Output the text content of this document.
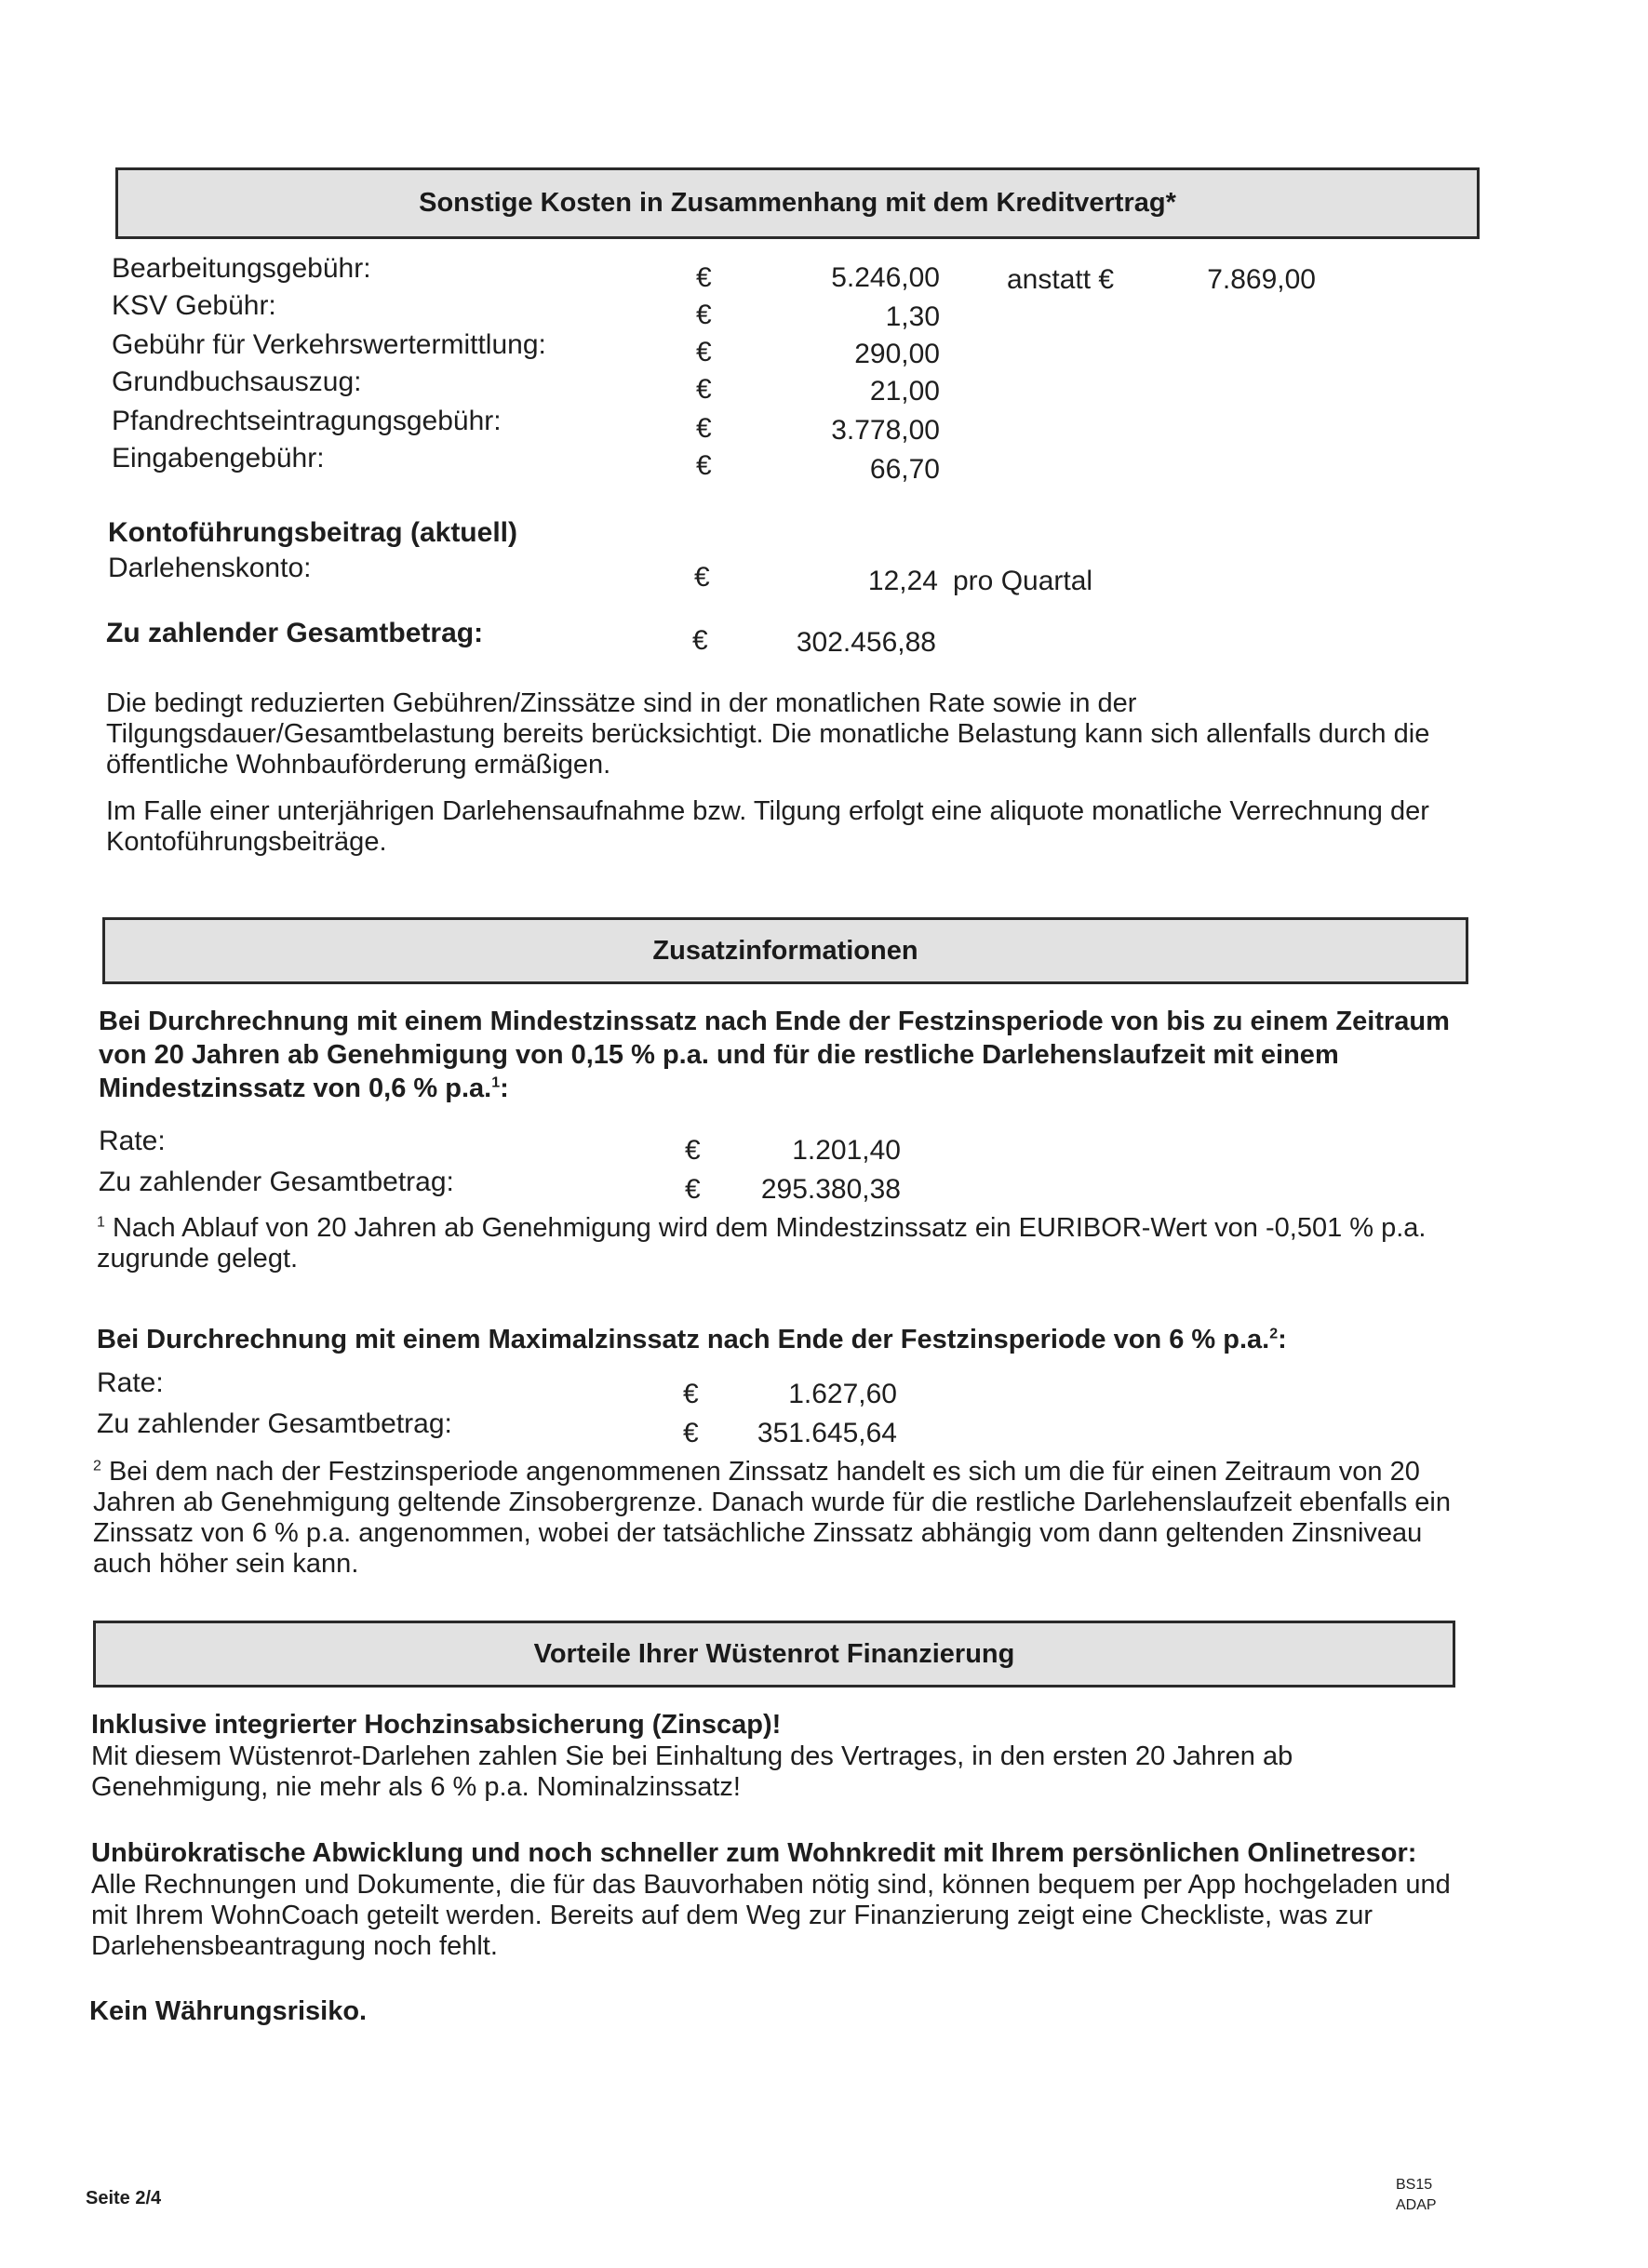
Sonstige Kosten in Zusammenhang mit dem Kreditvertrag*
Bearbeitungsgebühr:	€	5.246,00 anstatt €	7.869,00
KSV Gebühr:	€	1,30
Gebühr für Verkehrswertermittlung:	€	290,00
Grundbuchsauszug:	€	21,00
Pfandrechtseintragungsgebühr:	€	3.778,00
Eingabengebühr:	€	66,70
Kontoführungsbeitrag (aktuell)
Darlehenskonto:	€	12,24 pro Quartal
Zu zahlender Gesamtbetrag:	€	302.456,88
Die bedingt reduzierten Gebühren/Zinssätze sind in der monatlichen Rate sowie in der Tilgungsdauer/Gesamtbelastung bereits berücksichtigt. Die monatliche Belastung kann sich allenfalls durch die öffentliche Wohnbauförderung ermäßigen.
Im Falle einer unterjährigen Darlehensaufnahme bzw. Tilgung erfolgt eine aliquote monatliche Verrechnung der Kontoführungsbeiträge.
Zusatzinformationen
Bei Durchrechnung mit einem Mindestzinssatz nach Ende der Festzinsperiode von bis zu einem Zeitraum von 20 Jahren ab Genehmigung von 0,15 % p.a. und für die restliche Darlehenslaufzeit mit einem Mindestzinssatz von 0,6 % p.a.$^1$:
Rate:	€	1.201,40
Zu zahlender Gesamtbetrag:	€	295.380,38
$^1$ Nach Ablauf von 20 Jahren ab Genehmigung wird dem Mindestzinssatz ein EURIBOR-Wert von -0,501 % p.a. zugrunde gelegt.
Bei Durchrechnung mit einem Maximalzinssatz nach Ende der Festzinsperiode von 6 % p.a.$^2$:
Rate:	€	1.627,60
Zu zahlender Gesamtbetrag:	€	351.645,64
$^2$ Bei dem nach der Festzinsperiode angenommenen Zinssatz handelt es sich um die für einen Zeitraum von 20 Jahren ab Genehmigung geltende Zinsobergrenze. Danach wurde für die restliche Darlehenslaufzeit ebenfalls ein Zinssatz von 6 % p.a. angenommen, wobei der tatsächliche Zinssatz abhängig vom dann geltenden Zinsniveau auch höher sein kann.
Vorteile Ihrer Wüstenrot Finanzierung
Inklusive integrierter Hochzinsabsicherung (Zinscap)!
Mit diesem Wüstenrot-Darlehen zahlen Sie bei Einhaltung des Vertrages, in den ersten 20 Jahren ab Genehmigung, nie mehr als 6 % p.a. Nominalzinssatz!
Unbürokratische Abwicklung und noch schneller zum Wohnkredit mit Ihrem persönlichen Onlinetresor:
Alle Rechnungen und Dokumente, die für das Bauvorhaben nötig sind, können bequem per App hochgeladen und mit Ihrem WohnCoach geteilt werden. Bereits auf dem Weg zur Finanzierung zeigt eine Checkliste, was zur Darlehensbeantragung noch fehlt.
Kein Währungsrisiko.
Seite 2/4
BS15
ADAP
